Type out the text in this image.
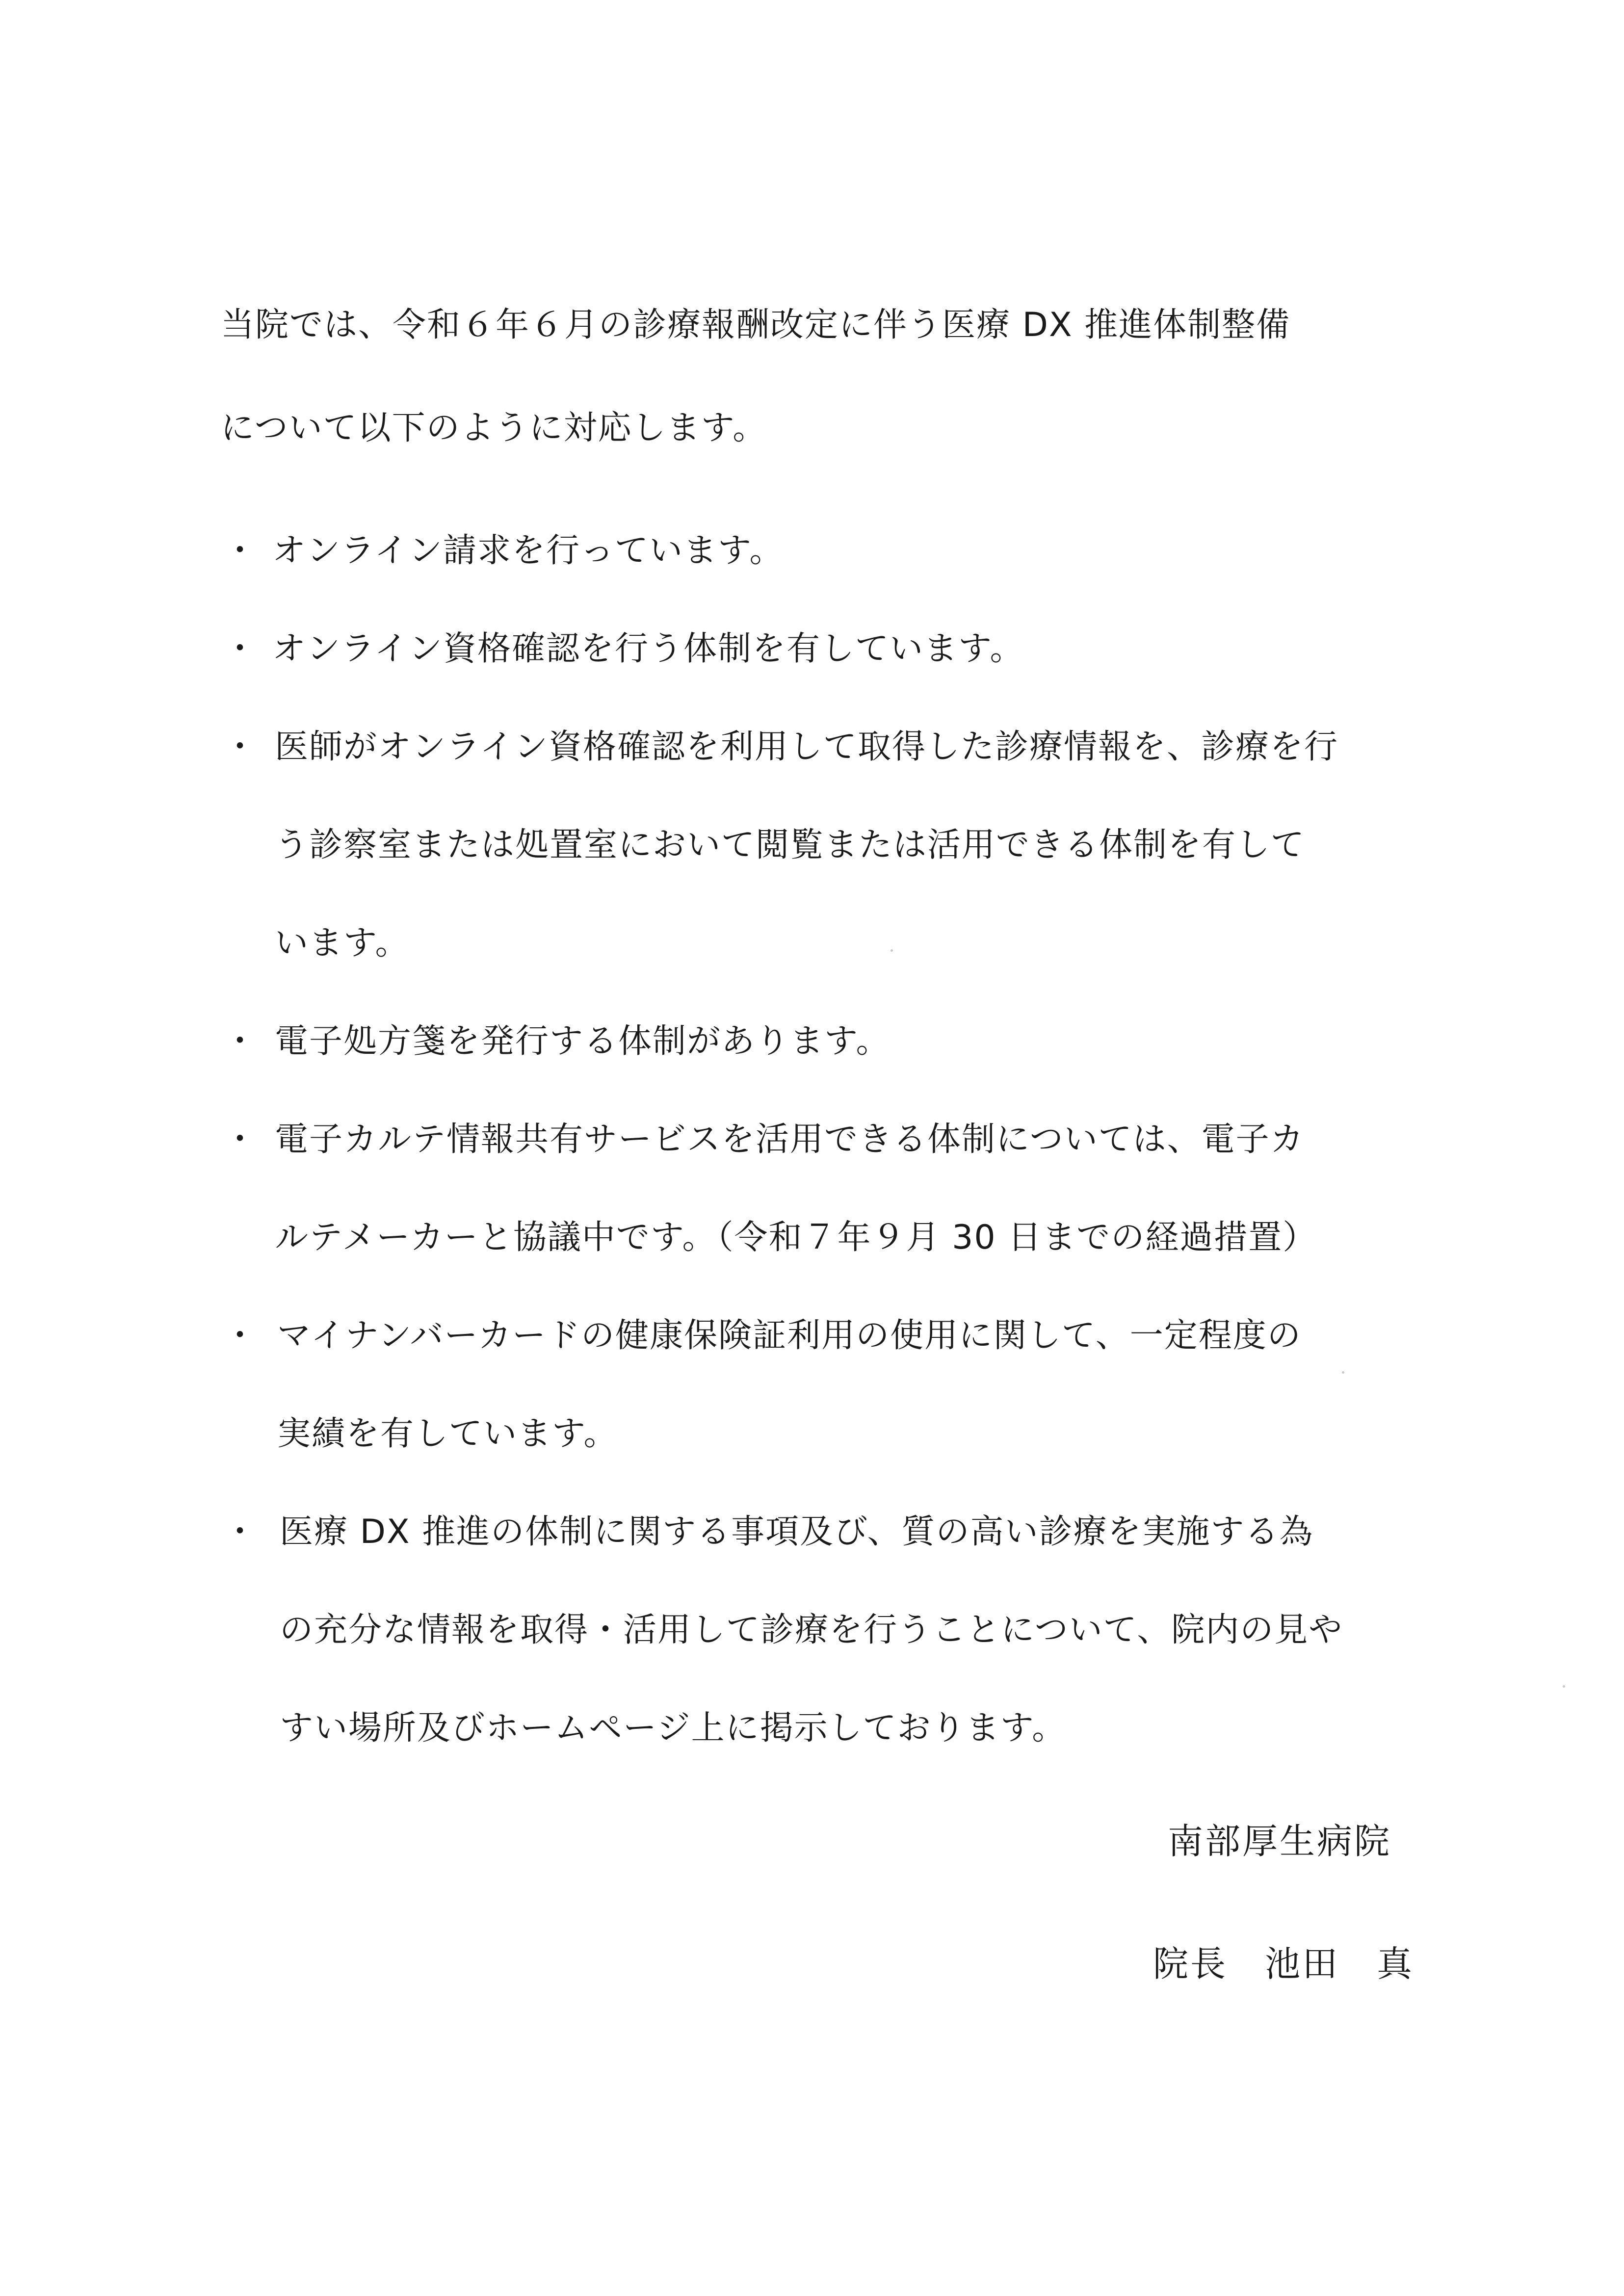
当院では、令和６年６月の診療報酬改定に伴う医療 DX 推進体制整備
について以下のように対応します。
・ オンライン請求を行っています。
・ オンライン資格確認を行う体制を有しています。
・ 医師がオンライン資格確認を利用して取得した診療情報を、診療を行
う診察室または処置室において閲覧または活用できる体制を有して
います。
・ 電子処方箋を発行する体制があります。
・ 電子カルテ情報共有サービスを活用できる体制については、電子カ
ルテメーカーと協議中です。（令和７年９月 30 日までの経過措置）
・ マイナンバーカードの健康保険証利用の使用に関して、一定程度の
実績を有しています。
・ 医療 DX 推進の体制に関する事項及び、質の高い診療を実施する為
の充分な情報を取得・活用して診療を行うことについて、院内の見や
すい場所及びホームページ上に掲示しております。
南部厚生病院
院長　池田　真
